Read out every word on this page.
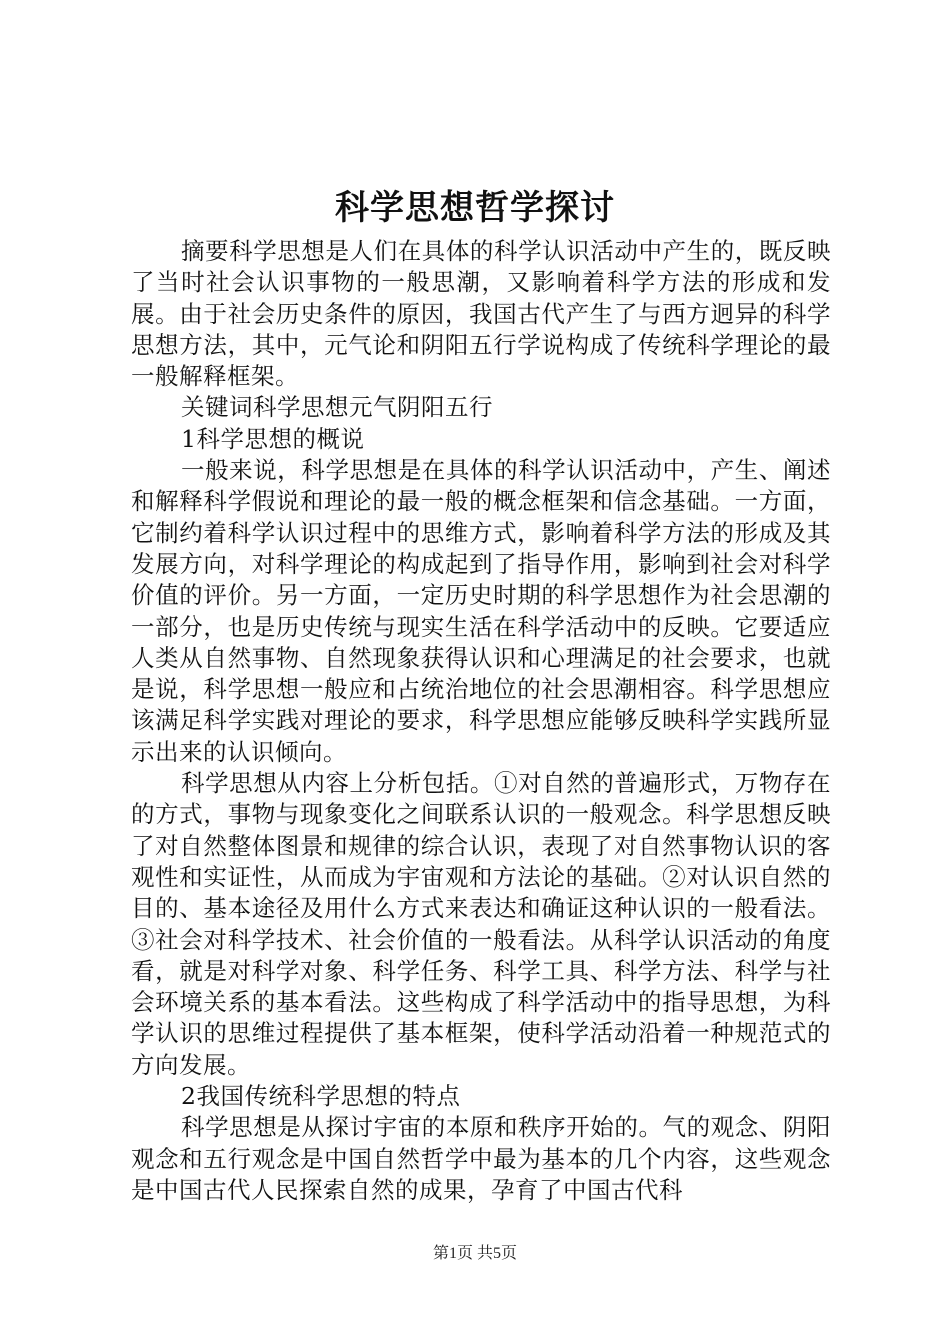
科学思想哲学探讨

摘要科学思想是人们在具体的科学认识活动中产生的，既反映了当时社会认识事物的一般思潮，又影响着科学方法的形成和发展。由于社会历史条件的原因，我国古代产生了与西方迥异的科学思想方法，其中，元气论和阴阳五行学说构成了传统科学理论的最一般解释框架。

关键词科学思想元气阴阳五行

1科学思想的概说

一般来说，科学思想是在具体的科学认识活动中，产生、阐述和解释科学假说和理论的最一般的概念框架和信念基础。一方面，它制约着科学认识过程中的思维方式，影响着科学方法的形成及其发展方向，对科学理论的构成起到了指导作用，影响到社会对科学价值的评价。另一方面，一定历史时期的科学思想作为社会思潮的一部分，也是历史传统与现实生活在科学活动中的反映。它要适应人类从自然事物、自然现象获得认识和心理满足的社会要求，也就是说，科学思想一般应和占统治地位的社会思潮相容。科学思想应该满足科学实践对理论的要求，科学思想应能够反映科学实践所显示出来的认识倾向。

科学思想从内容上分析包括。①对自然的普遍形式，万物存在的方式，事物与现象变化之间联系认识的一般观念。科学思想反映了对自然整体图景和规律的综合认识，表现了对自然事物认识的客观性和实证性，从而成为宇宙观和方法论的基础。②对认识自然的目的、基本途径及用什么方式来表达和确证这种认识的一般看法。③社会对科学技术、社会价值的一般看法。从科学认识活动的角度看，就是对科学对象、科学任务、科学工具、科学方法、科学与社会环境关系的基本看法。这些构成了科学活动中的指导思想，为科学认识的思维过程提供了基本框架，使科学活动沿着一种规范式的方向发展。

2我国传统科学思想的特点

科学思想是从探讨宇宙的本原和秩序开始的。气的观念、阴阳观念和五行观念是中国自然哲学中最为基本的几个内容，这些观念是中国古代人民探索自然的成果，孕育了中国古代科

第1页 共5页
